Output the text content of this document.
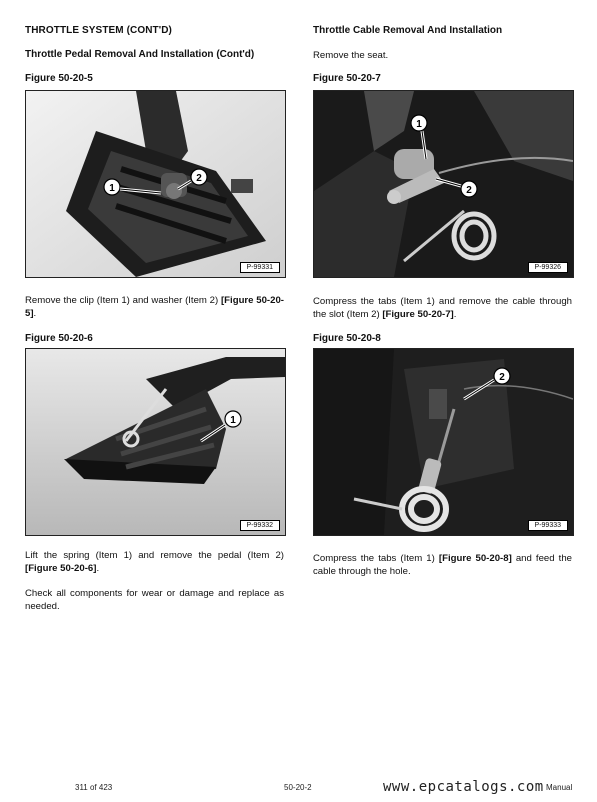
THROTTLE SYSTEM (CONT'D)
Throttle Pedal Removal And Installation (Cont'd)
Figure 50-20-5
1
2
P-99331
Remove the clip (Item 1) and washer (Item 2) [Figure 50-20-5].
Figure 50-20-6
1
P-99332
Lift the spring (Item 1) and remove the pedal (Item 2) [Figure 50-20-6].
Check all components for wear or damage and replace as needed.
Throttle Cable Removal And Installation
Remove the seat.
Figure 50-20-7
1
2
P-99326
Compress the tabs (Item 1) and remove the cable through the slot (Item 2) [Figure 50-20-7].
Figure 50-20-8
2
P-99333
Compress the tabs (Item 1) [Figure 50-20-8] and feed the cable through the hole.
311 of 423	50-20-2	www.epcatalogs.com Manual
